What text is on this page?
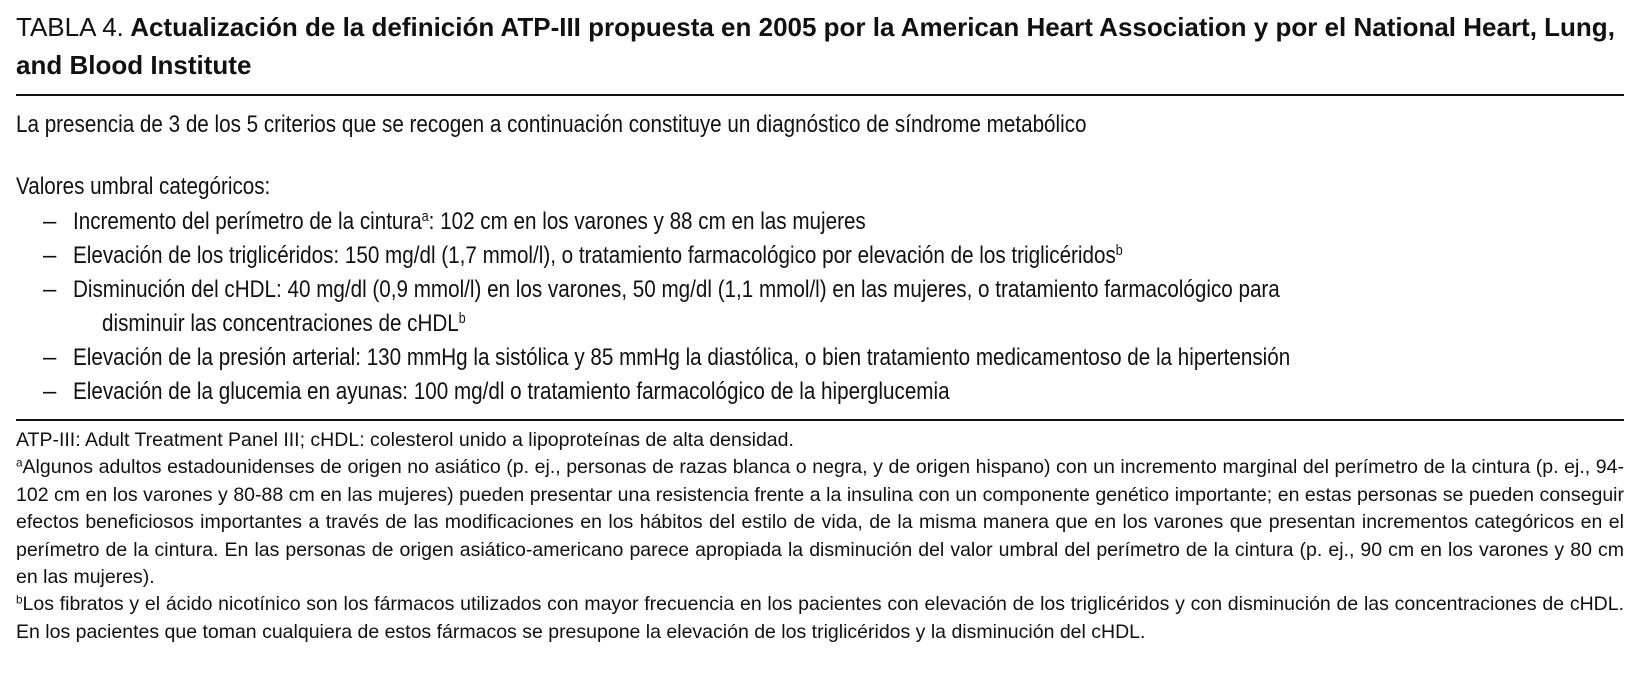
TABLA 4. Actualización de la definición ATP-III propuesta en 2005 por la American Heart Association y por el National Heart, Lung, and Blood Institute
La presencia de 3 de los 5 criterios que se recogen a continuación constituye un diagnóstico de síndrome metabólico
Valores umbral categóricos:
– Incremento del perímetro de la cintura$^a$: 102 cm en los varones y 88 cm en las mujeres
– Elevación de los triglicéridos: 150 mg/dl (1,7 mmol/l), o tratamiento farmacológico por elevación de los triglicéridos$^b$
– Disminución del cHDL: 40 mg/dl (0,9 mmol/l) en los varones, 50 mg/dl (1,1 mmol/l) en las mujeres, o tratamiento farmacológico para
disminuir las concentraciones de cHDL$^b$
– Elevación de la presión arterial: 130 mmHg la sistólica y 85 mmHg la diastólica, o bien tratamiento medicamentoso de la hipertensión
– Elevación de la glucemia en ayunas: 100 mg/dl o tratamiento farmacológico de la hiperglucemia

ATP-III: Adult Treatment Panel III; cHDL: colesterol unido a lipoproteínas de alta densidad.

$^a$Algunos adultos estadounidenses de origen no asiático (p. ej., personas de razas blanca o negra, y de origen hispano) con un incremento marginal del perímetro de la cintura (p. ej., 94-102 cm en los varones y 80-88 cm en las mujeres) pueden presentar una resistencia frente a la insulina con un componente genético importante; en estas personas se pueden conseguir efectos beneficiosos importantes a través de las modificaciones en los hábitos del estilo de vida, de la misma manera que en los varones que presentan incrementos categóricos en el perímetro de la cintura. En las personas de origen asiático-americano parece apropiada la disminución del valor umbral del perímetro de la cintura (p. ej., 90 cm en los varones y 80 cm en las mujeres).

$^b$Los fibratos y el ácido nicotínico son los fármacos utilizados con mayor frecuencia en los pacientes con elevación de los triglicéridos y con disminución de las concentraciones de cHDL. En los pacientes que toman cualquiera de estos fármacos se presupone la elevación de los triglicéridos y la disminución del cHDL.
